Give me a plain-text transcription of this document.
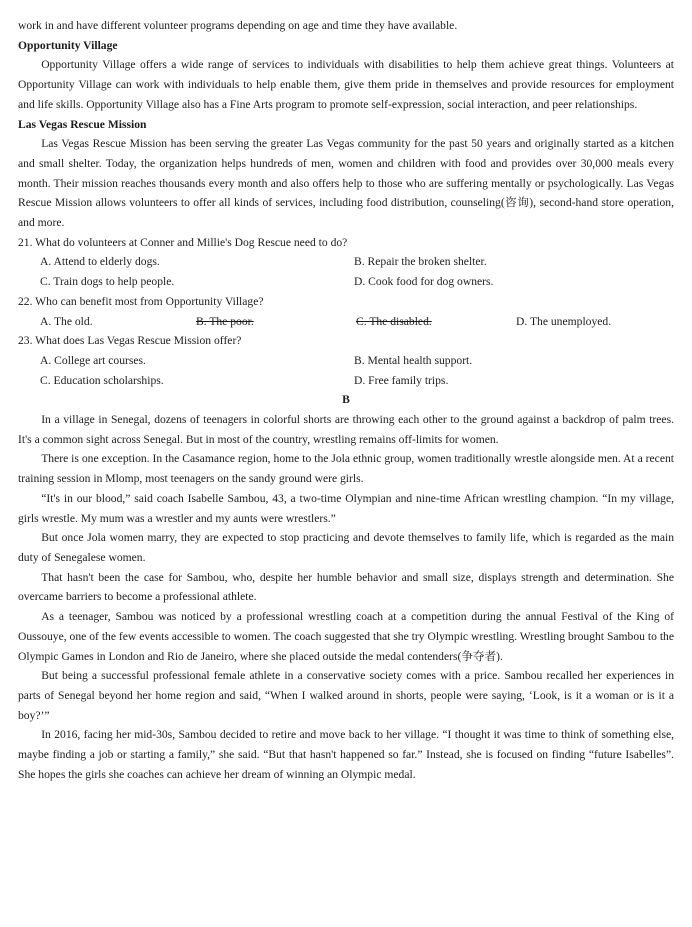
work in and have different volunteer programs depending on age and time they have available.

Opportunity Village

Opportunity Village offers a wide range of services to individuals with disabilities to help them achieve great things. Volunteers at Opportunity Village can work with individuals to help enable them, give them pride in themselves and provide resources for employment and life skills. Opportunity Village also has a Fine Arts program to promote self-expression, social interaction, and peer relationships.

Las Vegas Rescue Mission

Las Vegas Rescue Mission has been serving the greater Las Vegas community for the past 50 years and originally started as a kitchen and small shelter. Today, the organization helps hundreds of men, women and children with food and provides over 30,000 meals every month. Their mission reaches thousands every month and also offers help to those who are suffering mentally or psychologically. Las Vegas Rescue Mission allows volunteers to offer all kinds of services, including food distribution, counseling(咨询), second-hand store operation, and more.

21. What do volunteers at Conner and Millie's Dog Rescue need to do?

A. Attend to elderly dogs.	B. Repair the broken shelter.
C. Train dogs to help people.	D. Cook food for dog owners.

22. Who can benefit most from Opportunity Village?

A. The old.	B. The poor.	C. The disabled.	D. The unemployed.

23. What does Las Vegas Rescue Mission offer?

A. College art courses.	B. Mental health support.
C. Education scholarships.	D. Free family trips.

B

In a village in Senegal, dozens of teenagers in colorful shorts are throwing each other to the ground against a backdrop of palm trees. It's a common sight across Senegal. But in most of the country, wrestling remains off-limits for women.

There is one exception. In the Casamance region, home to the Jola ethnic group, women traditionally wrestle alongside men. At a recent training session in Mlomp, most teenagers on the sandy ground were girls.

“It's in our blood,” said coach Isabelle Sambou, 43, a two-time Olympian and nine-time African wrestling champion. “In my village, girls wrestle. My mum was a wrestler and my aunts were wrestlers.”

But once Jola women marry, they are expected to stop practicing and devote themselves to family life, which is regarded as the main duty of Senegalese women.

That hasn't been the case for Sambou, who, despite her humble behavior and small size, displays strength and determination. She overcame barriers to become a professional athlete.

As a teenager, Sambou was noticed by a professional wrestling coach at a competition during the annual Festival of the King of Oussouye, one of the few events accessible to women. The coach suggested that she try Olympic wrestling. Wrestling brought Sambou to the Olympic Games in London and Rio de Janeiro, where she placed outside the medal contenders(争夺者).

But being a successful professional female athlete in a conservative society comes with a price. Sambou recalled her experiences in parts of Senegal beyond her home region and said, “When I walked around in shorts, people were saying, ‘Look, is it a woman or is it a boy?’”

In 2016, facing her mid-30s, Sambou decided to retire and move back to her village. “I thought it was time to think of something else, maybe finding a job or starting a family,” she said. “But that hasn't happened so far.” Instead, she is focused on finding “future Isabelles”. She hopes the girls she coaches can achieve her dream of winning an Olympic medal.
